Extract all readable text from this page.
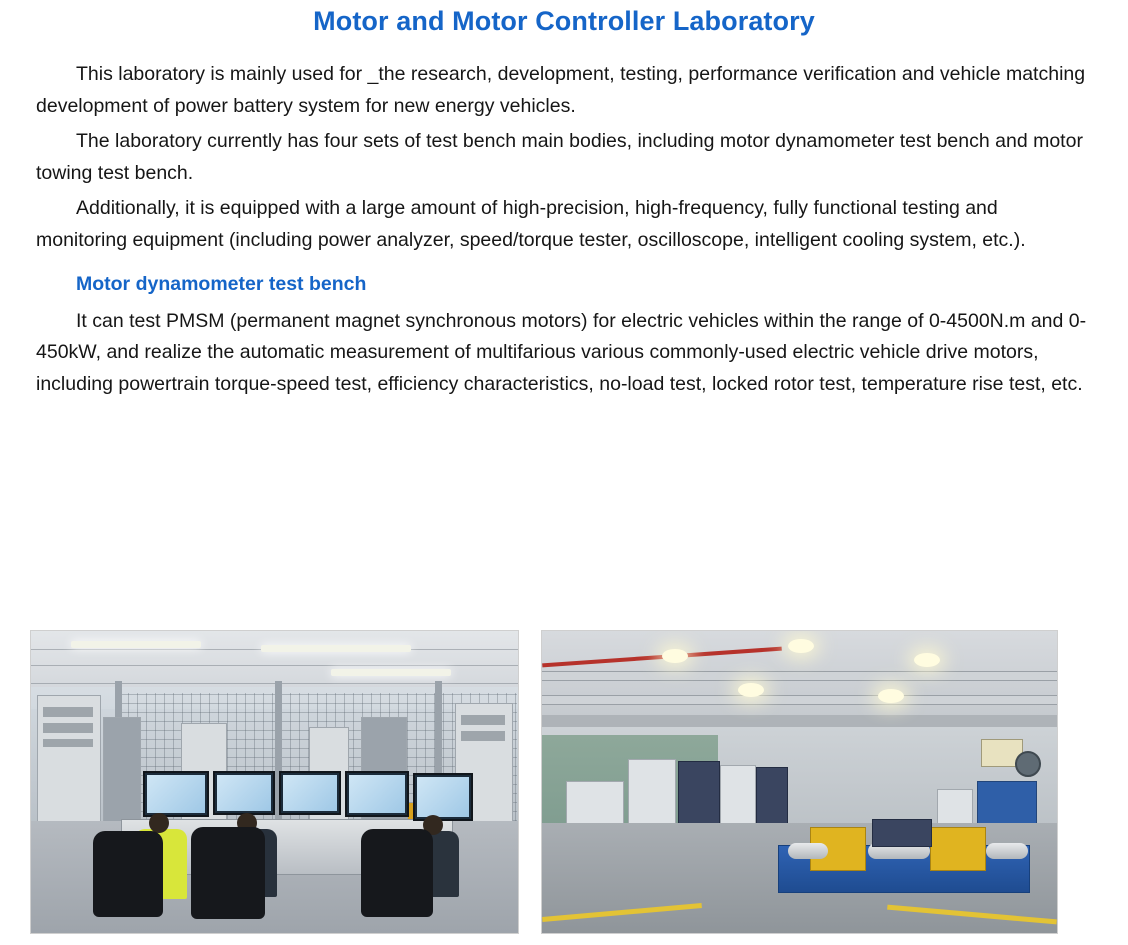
Motor and Motor Controller Laboratory

This laboratory is mainly used for _the research, development, testing, performance verification and vehicle matching development of power battery system for new energy vehicles.

The laboratory currently has four sets of test bench main bodies, including motor dynamometer test bench and motor towing test bench.

Additionally, it is equipped with a large amount of high-precision, high-frequency, fully functional testing and monitoring equipment (including power analyzer, speed/torque tester, oscilloscope, intelligent cooling system, etc.).

Motor dynamometer test bench

It can test PMSM (permanent magnet synchronous motors) for electric vehicles within the range of 0-4500N.m and 0-450kW, and realize the automatic measurement of multifarious various commonly-used electric vehicle drive motors, including powertrain torque-speed test, efficiency characteristics, no-load test, locked rotor test, temperature rise test, etc.
